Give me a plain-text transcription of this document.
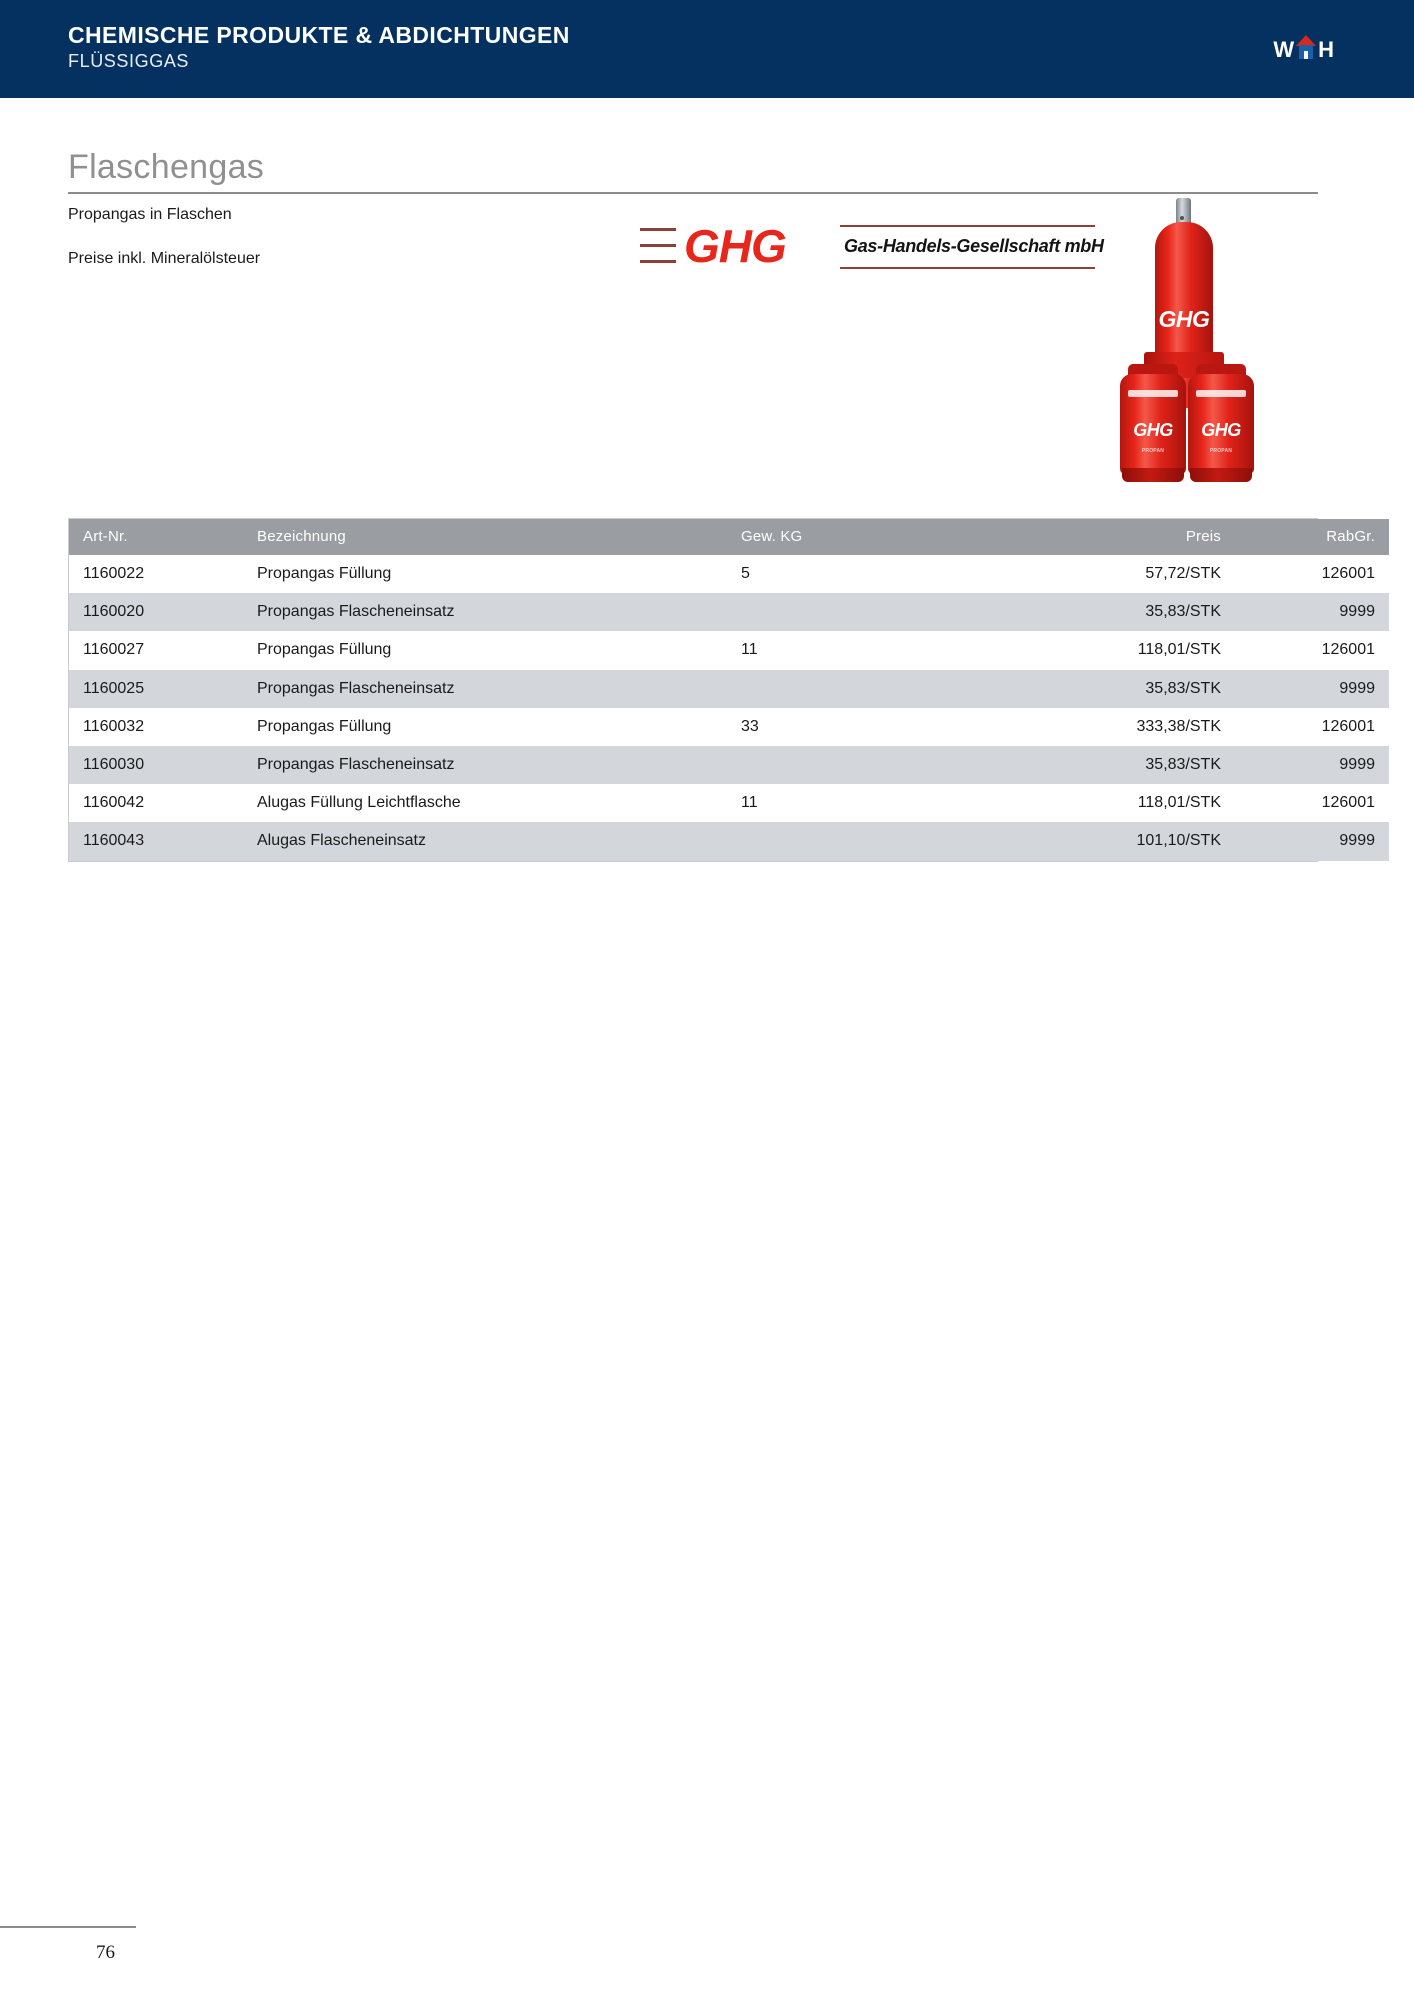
CHEMISCHE PRODUKTE & ABDICHTUNGEN
FLÜSSIGGAS	W H
Flaschengas
Propangas in Flaschen
Preise inkl. Mineralölsteuer	GHG	Gas-Handels-Gesellschaft mbH
GHG
GHG
PROPAN
GHG
PROPAN
Art-Nr.	Bezeichnung	Gew. KG	Preis	RabGr.
1160022	Propangas Füllung	5	57,72/STK	126001
1160020	Propangas Flascheneinsatz		35,83/STK	9999
1160027	Propangas Füllung	11	118,01/STK	126001
1160025	Propangas Flascheneinsatz		35,83/STK	9999
1160032	Propangas Füllung	33	333,38/STK	126001
1160030	Propangas Flascheneinsatz		35,83/STK	9999
1160042	Alugas Füllung Leichtflasche	11	118,01/STK	126001
1160043	Alugas Flascheneinsatz		101,10/STK	9999
76
